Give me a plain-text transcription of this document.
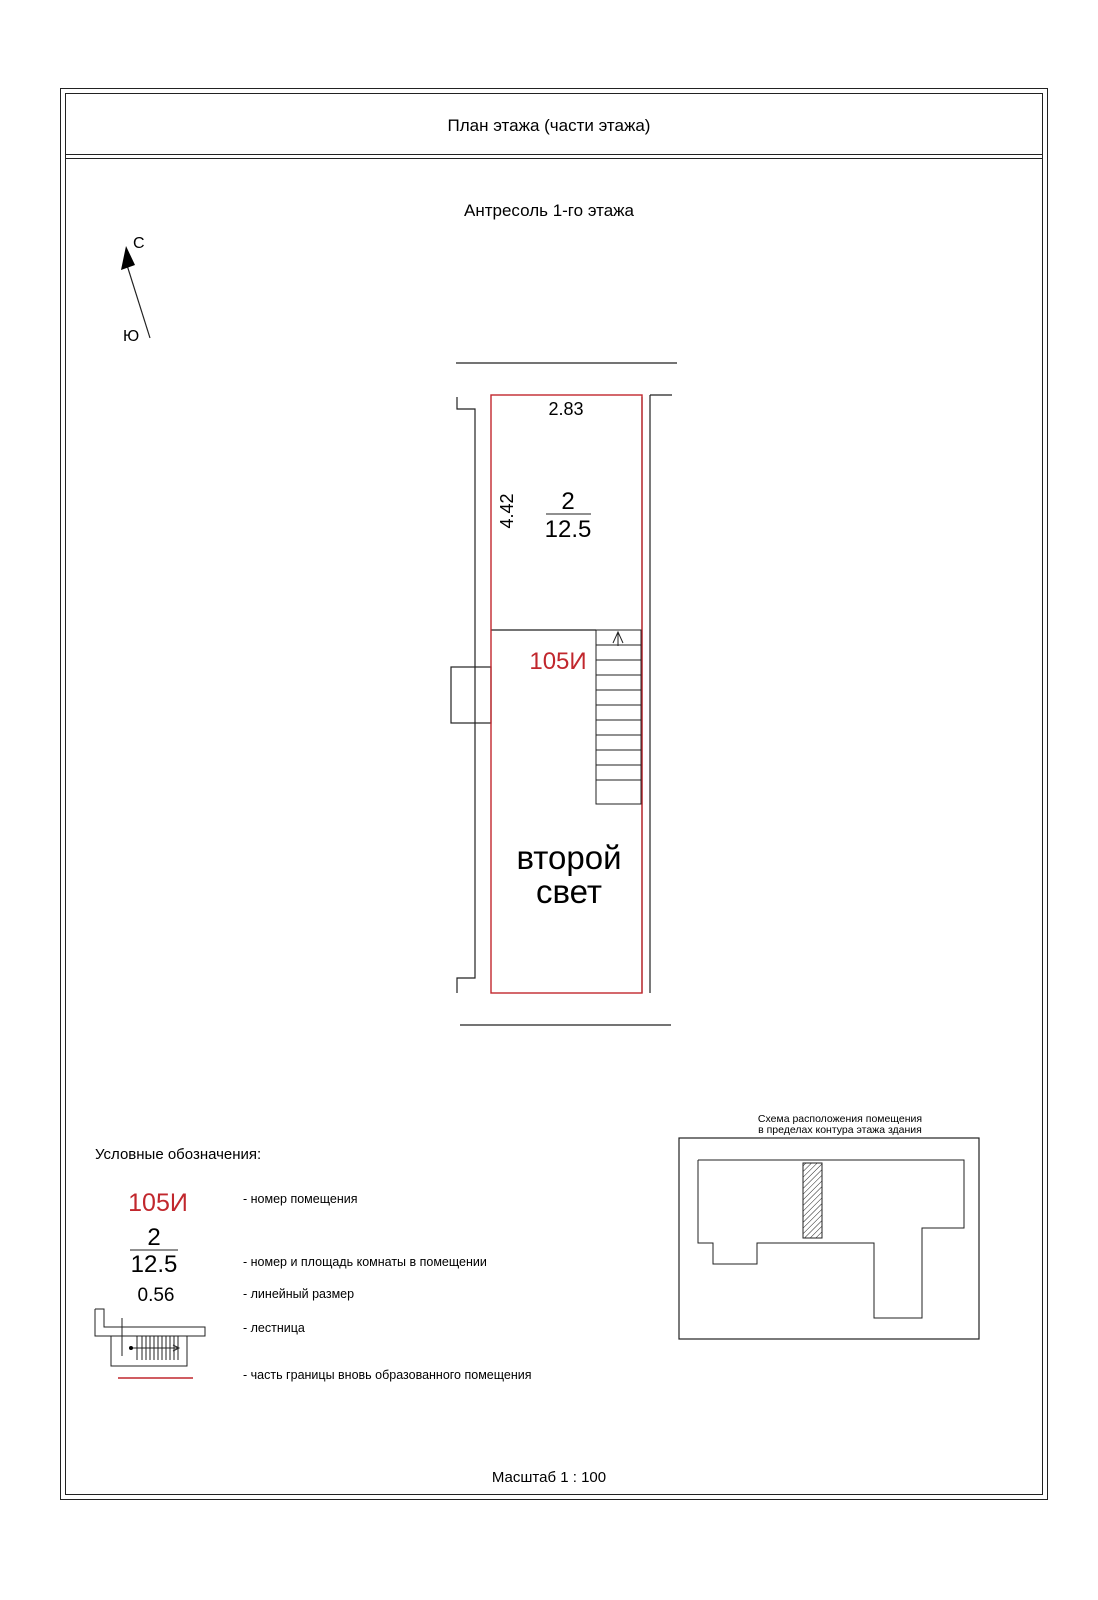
План этажа (части этажа)
Антресоль 1-го этажа
С
Ю
2.83
4.42 2
12.5
105И
второй
свет
105И
2
12.5
0.56
Условные обозначения:
- номер помещения
- номер и площадь комнаты в помещении
- линейный размер
- лестница
- часть границы вновь образованного помещения
Схема расположения помещения
в пределах контура этажа здания
Масштаб 1 : 100
